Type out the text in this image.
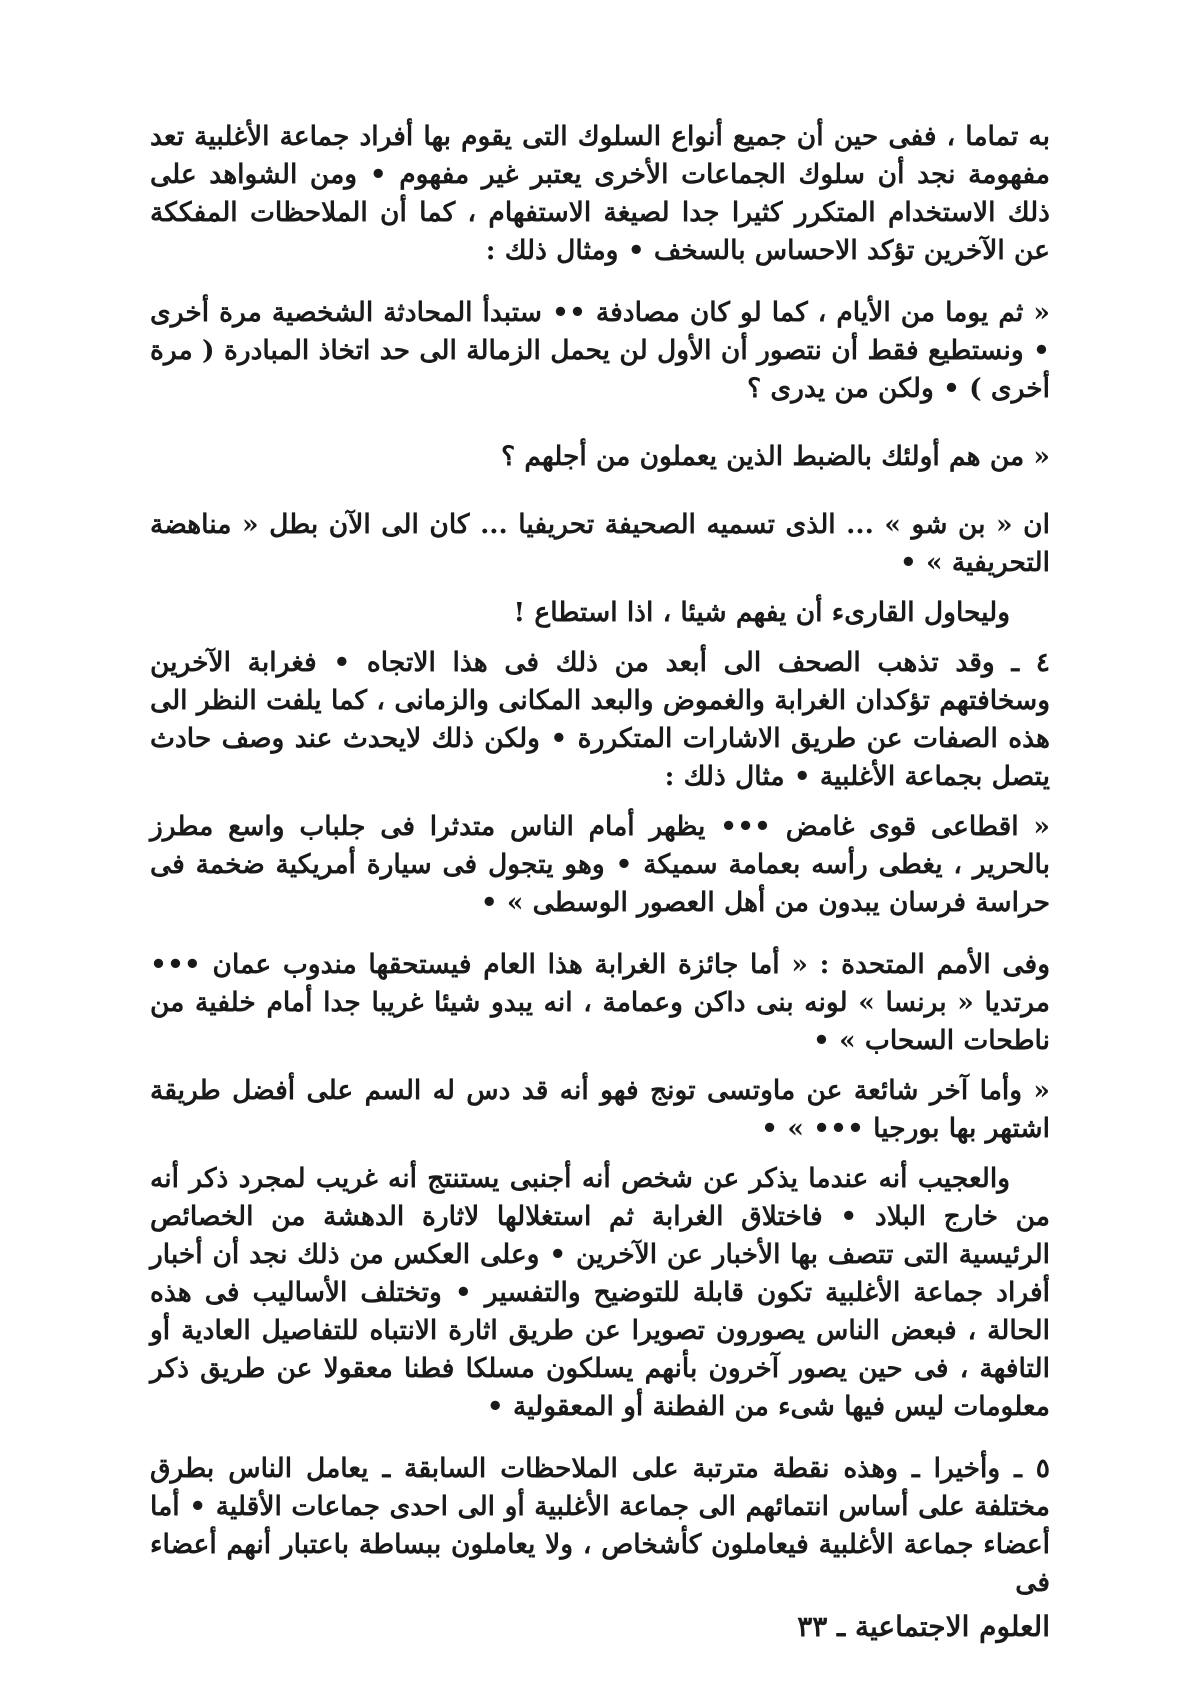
به تماما ، ففى حين أن جميع أنواع السلوك التى يقوم بها أفراد جماعة الأغلبية تعد مفهومة نجد أن سلوك الجماعات الأخرى يعتبر غير مفهوم • ومن الشواهد على ذلك الاستخدام المتكرر كثيرا جدا لصيغة الاستفهام ، كما أن الملاحظات المفككة عن الآخرين تؤكد الاحساس بالسخف • ومثال ذلك :

« ثم يوما من الأيام ، كما لو كان مصادفة •• ستبدأ المحادثة الشخصية مرة أخرى • ونستطيع فقط أن نتصور أن الأول لن يحمل الزمالة الى حد اتخاذ المبادرة ( مرة أخرى ) • ولكن من يدرى ؟

« من هم أولئك بالضبط الذين يعملون من أجلهم ؟

ان « بن شو » ... الذى تسميه الصحيفة تحريفيا ... كان الى الآن بطل « مناهضة التحريفية » •

وليحاول القارىء أن يفهم شيئا ، اذا استطاع !

٤ ـ وقد تذهب الصحف الى أبعد من ذلك فى هذا الاتجاه • فغرابة الآخرين وسخافتهم تؤكدان الغرابة والغموض والبعد المكانى والزمانى ، كما يلفت النظر الى هذه الصفات عن طريق الاشارات المتكررة • ولكن ذلك لايحدث عند وصف حادث يتصل بجماعة الأغلبية • مثال ذلك :

« اقطاعى قوى غامض ••• يظهر أمام الناس متدثرا فى جلباب واسع مطرز بالحرير ، يغطى رأسه بعمامة سميكة • وهو يتجول فى سيارة أمريكية ضخمة فى حراسة فرسان يبدون من أهل العصور الوسطى » •

وفى الأمم المتحدة : « أما جائزة الغرابة هذا العام فيستحقها مندوب عمان ••• مرتديا « برنسا » لونه بنى داكن وعمامة ، انه يبدو شيئا غريبا جدا أمام خلفية من ناطحات السحاب » •

« وأما آخر شائعة عن ماوتسى تونج فهو أنه قد دس له السم على أفضل طريقة اشتهر بها بورجيا ••• » •

والعجيب أنه عندما يذكر عن شخص أنه أجنبى يستنتج أنه غريب لمجرد ذكر أنه من خارج البلاد • فاختلاق الغرابة ثم استغلالها لاثارة الدهشة من الخصائص الرئيسية التى تتصف بها الأخبار عن الآخرين • وعلى العكس من ذلك نجد أن أخبار أفراد جماعة الأغلبية تكون قابلة للتوضيح والتفسير • وتختلف الأساليب فى هذه الحالة ، فبعض الناس يصورون تصويرا عن طريق اثارة الانتباه للتفاصيل العادية أو التافهة ، فى حين يصور آخرون بأنهم يسلكون مسلكا فطنا معقولا عن طريق ذكر معلومات ليس فيها شىء من الفطنة أو المعقولية •

٥ ـ وأخيرا ـ وهذه نقطة مترتبة على الملاحظات السابقة ـ يعامل الناس بطرق مختلفة على أساس انتمائهم الى جماعة الأغلبية أو الى احدى جماعات الأقلية • أما أعضاء جماعة الأغلبية فيعاملون كأشخاص ، ولا يعاملون ببساطة باعتبار أنهم أعضاء فى

العلوم الاجتماعية ـ ٣٣
